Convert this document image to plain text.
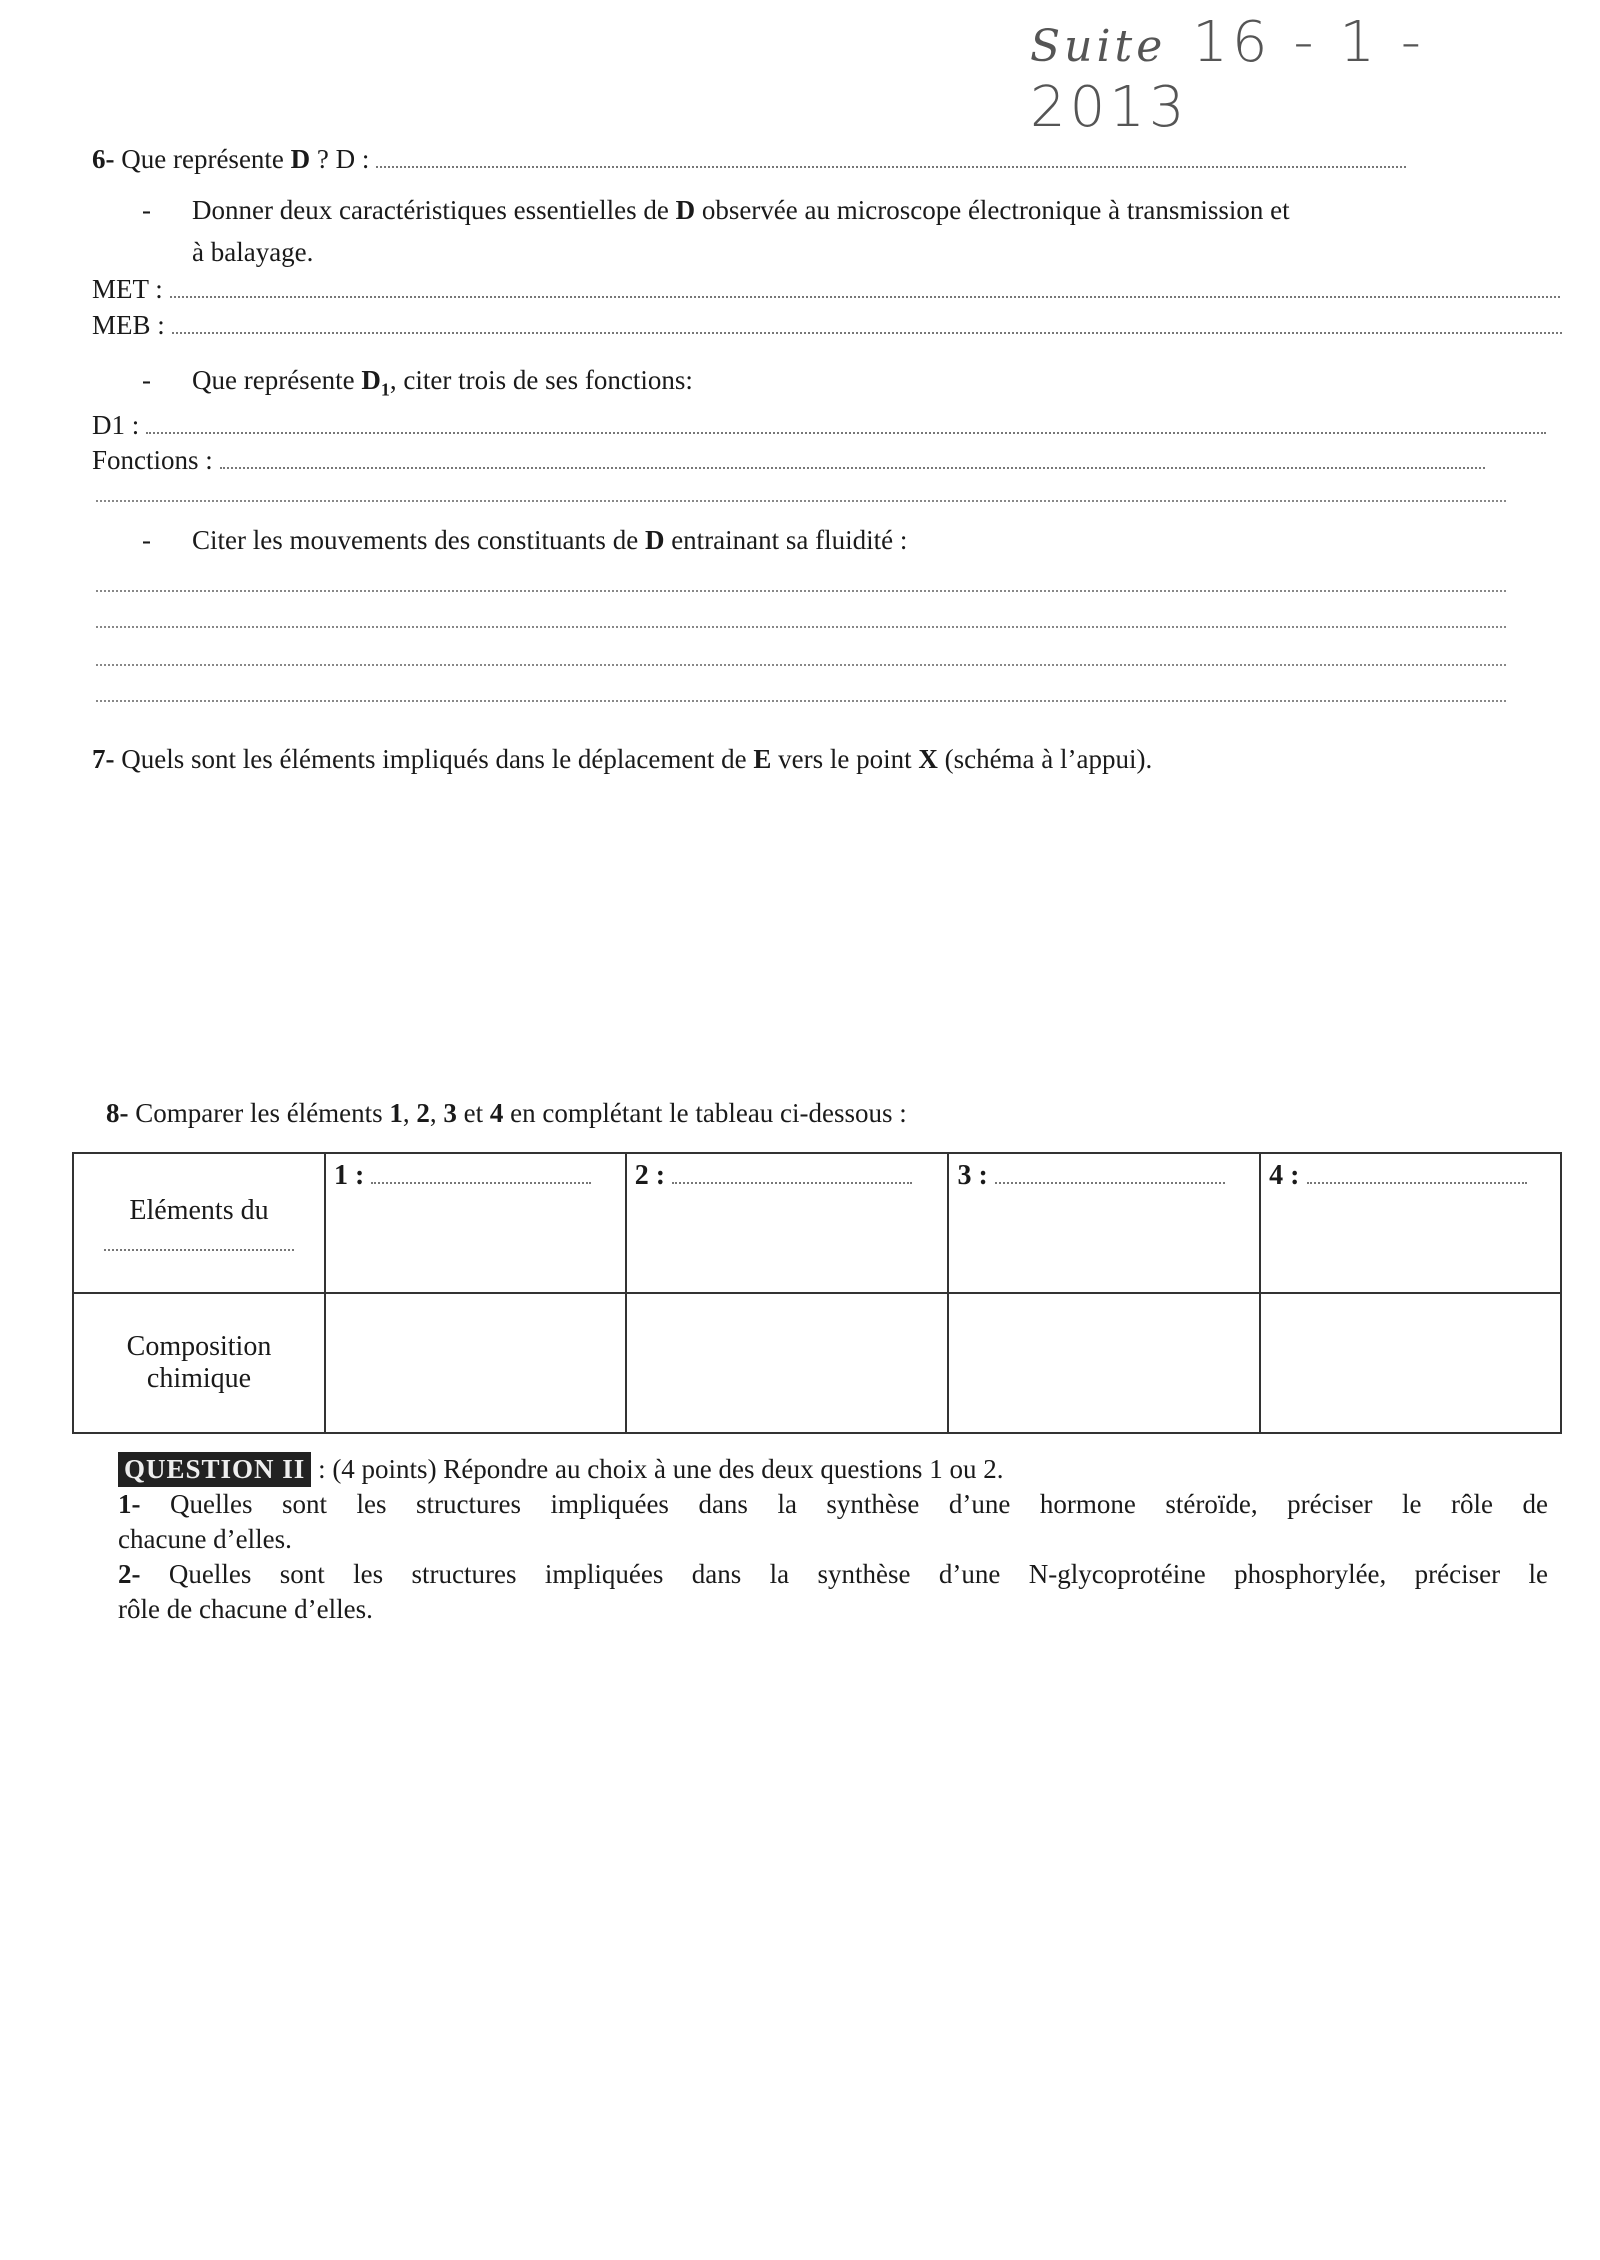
Suite 16 - 1 - 2013
6- Que représente D ? D :
- Donner deux caractéristiques essentielles de D observée au microscope électronique à transmission et
à balayage.
MET :
MEB :
- Que représente $D_1$, citer trois de ses fonctions:
D1 :
Fonctions :
- Citer les mouvements des constituants de D entrainant sa fluidité :
7- Quels sont les éléments impliqués dans le déplacement de E vers le point X (schéma à l’appui).
8- Comparer les éléments 1, 2, 3 et 4 en complétant le tableau ci-dessous :
Eléments du	1 :	2 :	3 :	4 :

Composition
chimique				

QUESTION II : (4 points) Répondre au choix à une des deux questions 1 ou 2.
1- Quelles sont les structures impliquées dans la synthèse d’une hormone stéroïde, préciser le rôle de
chacune d’elles.
2- Quelles sont les structures impliquées dans la synthèse d’une N-glycoprotéine phosphorylée, préciser le
rôle de chacune d’elles.
